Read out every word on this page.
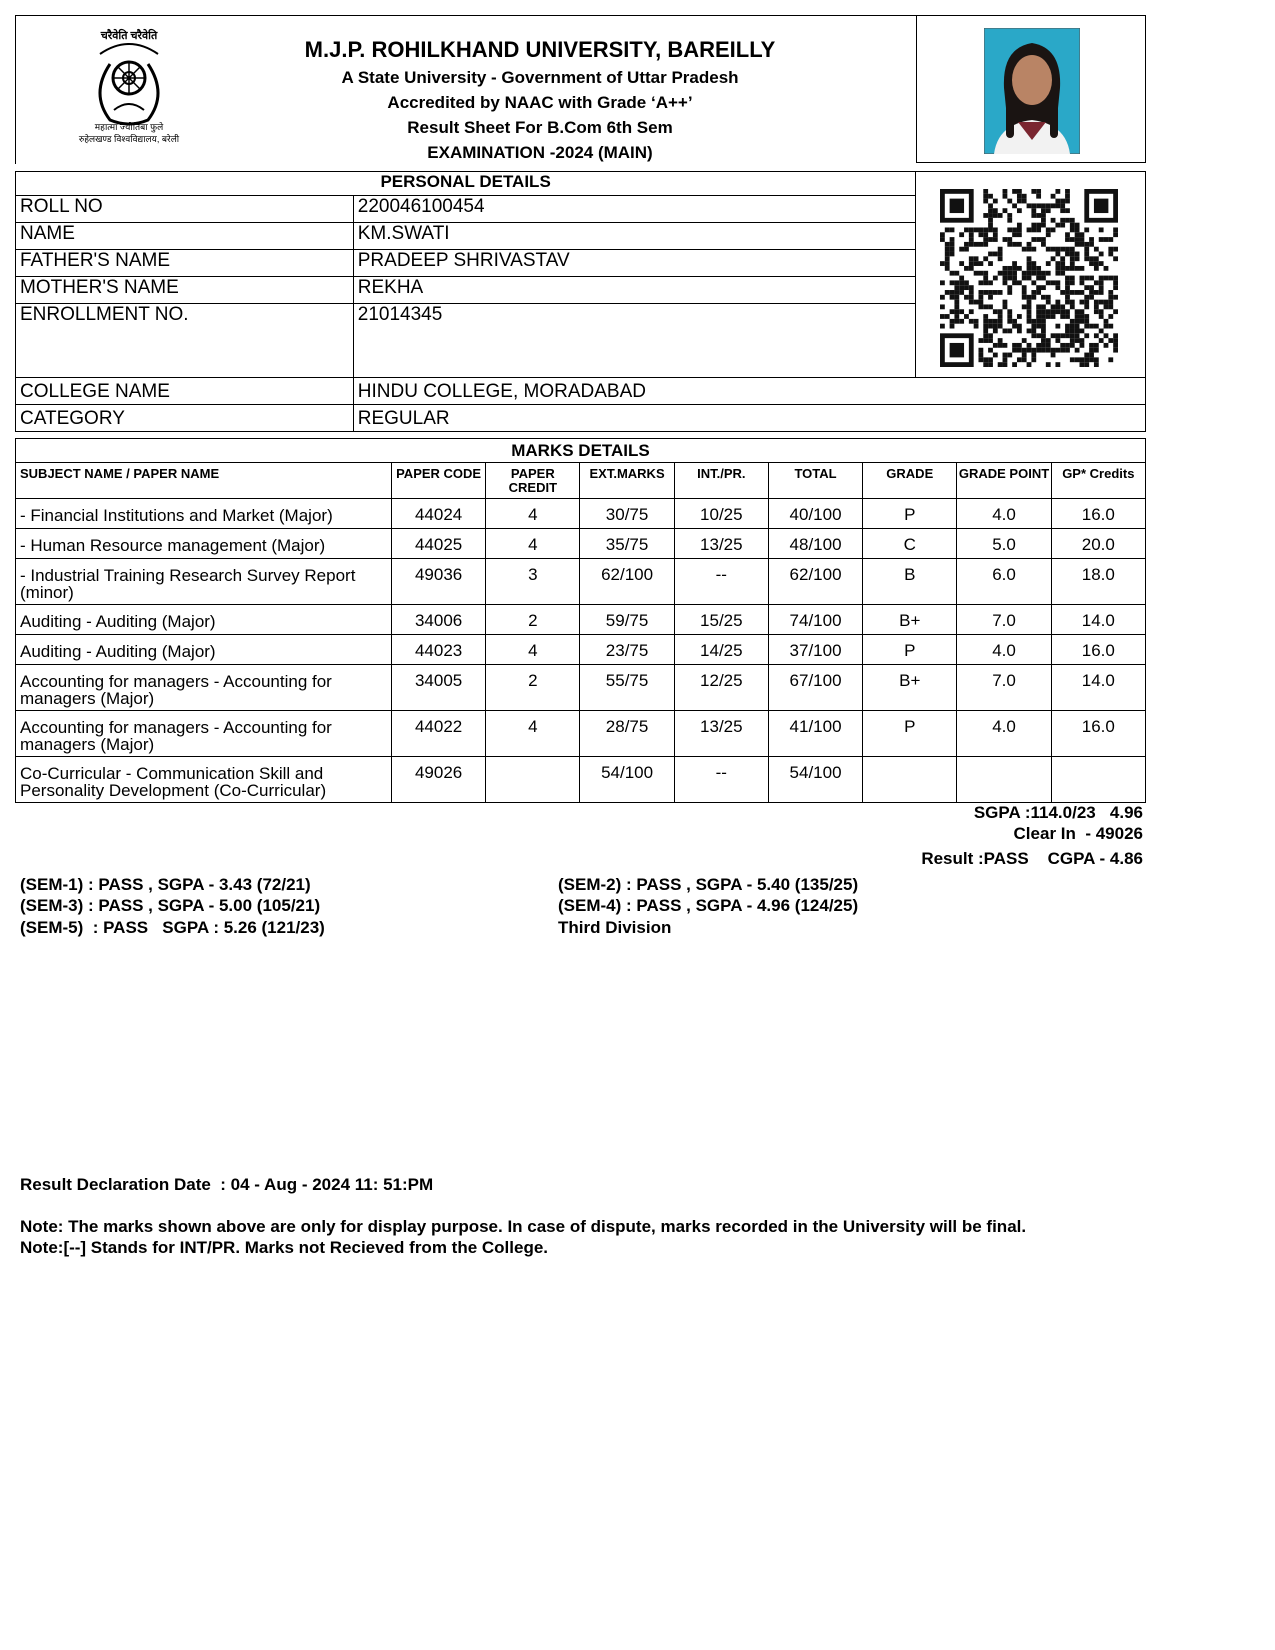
चरैवेति चरैवेति
महात्मा ज्योतिबा फुले
रुहेलखण्ड विश्वविद्यालय, बरेली
M.J.P. ROHILKHAND UNIVERSITY, BAREILLY
A State University - Government of Uttar Pradesh
Accredited by NAAC with Grade ‘A++’
Result Sheet For B.Com 6th Sem
EXAMINATION -2024 (MAIN)
PERSONAL DETAILS		
ROLL NO	220046100454	
NAME	KM.SWATI	
FATHER'S NAME	PRADEEP SHRIVASTAV	
MOTHER'S NAME	REKHA	
ENROLLMENT NO.	21014345	
COLLEGE NAME	HINDU COLLEGE, MORADABAD	
CATEGORY	REGULAR	
MARKS DETAILS								
SUBJECT NAME / PAPER NAME	PAPER CODE	PAPER CREDIT	EXT.MARKS	INT./PR.	TOTAL	GRADE	GRADE POINT	GP* Credits
- Financial Institutions and Market (Major)	44024	4	30/75	10/25	40/100	P	4.0	16.0
- Human Resource management (Major)	44025	4	35/75	13/25	48/100	C	5.0	20.0
- Industrial Training Research Survey Report (minor)	49036	3	62/100	--	62/100	B	6.0	18.0
Auditing - Auditing (Major)	34006	2	59/75	15/25	74/100	B+	7.0	14.0
Auditing - Auditing (Major)	44023	4	23/75	14/25	37/100	P	4.0	16.0
Accounting for managers - Accounting for managers (Major)	34005	2	55/75	12/25	67/100	B+	7.0	14.0
Accounting for managers - Accounting for managers (Major)	44022	4	28/75	13/25	41/100	P	4.0	16.0
Co-Curricular - Communication Skill and Personality Development (Co-Curricular)	49026		54/100	--	54/100			
SGPA :114.0/23   4.96
Clear In  - 49026
Result :PASS    CGPA - 4.86
(SEM-1) : PASS , SGPA - 3.43 (72/21)	(SEM-2) : PASS , SGPA - 5.40 (135/25)
(SEM-3) : PASS , SGPA - 5.00 (105/21)	(SEM-4) : PASS , SGPA - 4.96 (124/25)
(SEM-5)  : PASS   SGPA : 5.26 (121/23)	Third Division
Result Declaration Date  : 04 - Aug - 2024 11: 51:PM
Note: The marks shown above are only for display purpose. In case of dispute, marks recorded in the University will be final.
Note:[--] Stands for INT/PR. Marks not Recieved from the College.
